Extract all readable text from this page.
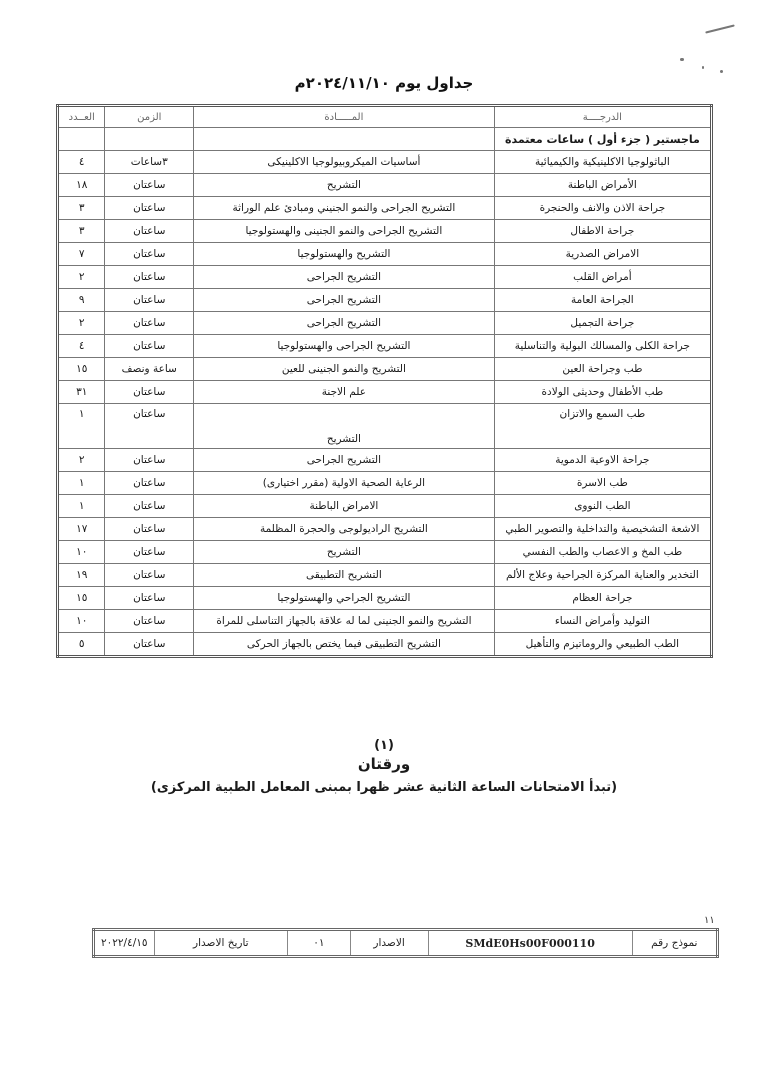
جداول يوم ٢٠٢٤/١١/١٠م
الدرجــــة	المـــــادة	الزمن	العــدد
ماجستير ( جزء أول ) ساعات معتمدة			
الباثولوجيا الاكلينيكية والكيميائية	أساسيات الميكروبيولوجيا الاكلينيكى	٣ساعات	٤
الأمراض الباطنة	التشريح	ساعتان	١٨
جراحة الاذن والانف والحنجرة	التشريح الجراحى والنمو الجنيني ومبادئ علم الوراثة	ساعتان	٣
جراحة الاطفال	التشريح الجراحى والنمو الجنينى والهستولوجيا	ساعتان	٣
الامراض الصدرية	التشريح والهستولوجيا	ساعتان	٧
أمراض القلب	التشريح الجراحى	ساعتان	٢
الجراحة العامة	التشريح الجراحى	ساعتان	٩
جراحة التجميل	التشريح الجراحى	ساعتان	٢
جراحة الكلى والمسالك البولية والتناسلية	التشريح الجراحى والهستولوجيا	ساعتان	٤
طب وجراحة العين	التشريح والنمو الجنينى للعين	ساعة ونصف	١٥
طب الأطفال وحديثى الولادة	علم الاجنة	ساعتان	٣١
طب السمع والاتزان	التشريح	ساعتان	١
جراحة الاوعية الدموية	التشريح الجراحى	ساعتان	٢
طب الاسرة	الرعاية الصحية الاولية (مقرر اختيارى)	ساعتان	١
الطب النووى	الامراض الباطنة	ساعتان	١
الاشعة التشخيصية والتداخلية والتصوير الطبي	التشريح الراديولوجى والحجرة المظلمة	ساعتان	١٧
طب المخ و الاعصاب والطب النفسي	التشريح	ساعتان	١٠
التخدير والعناية المركزة الجراحية وعلاج الألم	التشريح التطبيقى	ساعتان	١٩
جراحة العظام	التشريح الجراحي والهستولوجيا	ساعتان	١٥
التوليد وأمراض النساء	التشريح والنمو الجنينى لما له علاقة بالجهاز التناسلى للمراة	ساعتان	١٠
الطب الطبيعي والروماتيزم والتأهيل	التشريح التطبيقى فيما يختص بالجهاز الحركى	ساعتان	٥
(١)
ورقتان
(تبدأ الامتحانات الساعة الثانية عشر ظهرا بمبنى المعامل الطبية المركزى)
١١
نموذج رقم	SMdE0Hs00F000110	الاصدار	٠١	تاريخ الاصدار	٢٠٢٢/٤/١٥
